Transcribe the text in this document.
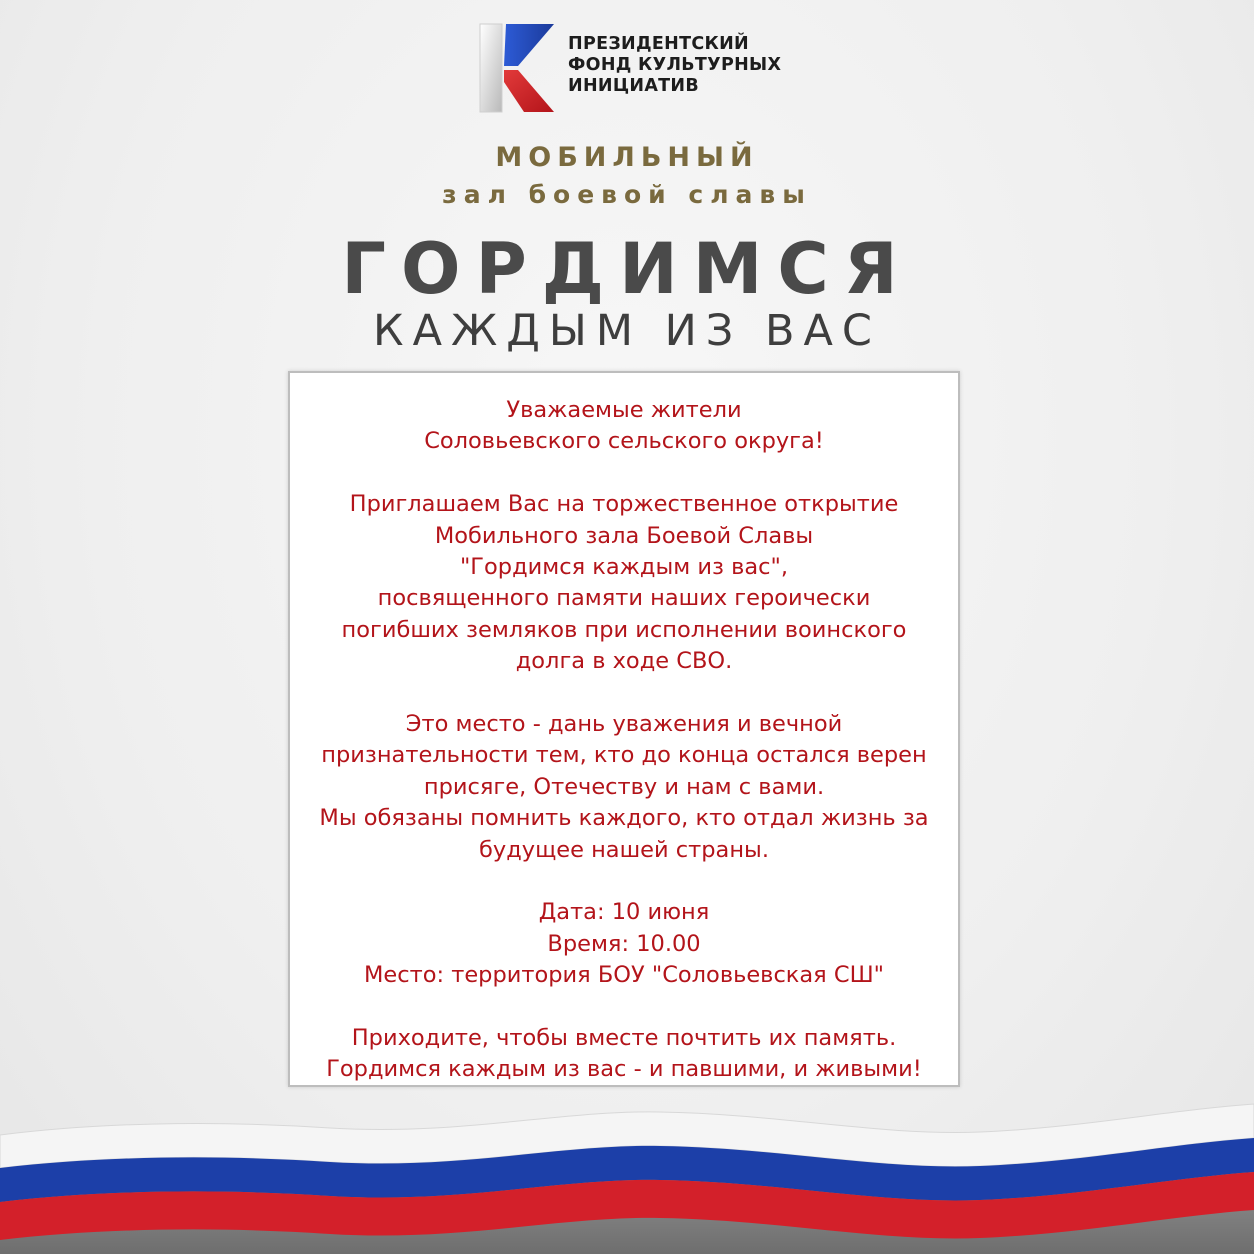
ПРЕЗИДЕНТСКИЙ
ФОНД КУЛЬТУРНЫХ
ИНИЦИАТИВ
МОБИЛЬНЫЙ
зал боевой славы
ГОРДИМСЯ
КАЖДЫМ ИЗ ВАС
Уважаемые жители
Соловьевского сельского округа!
Приглашаем Вас на торжественное открытие
Мобильного зала Боевой Славы
"Гордимся каждым из вас",
посвященного памяти наших героически
погибших земляков при исполнении воинского
долга в ходе СВО.
Это место - дань уважения и вечной
признательности тем, кто до конца остался верен
присяге, Отечеству и нам с вами.
Мы обязаны помнить каждого, кто отдал жизнь за
будущее нашей страны.
Дата: 10 июня
Время: 10.00
Место: территория БОУ "Соловьевская СШ"
Приходите, чтобы вместе почтить их память.
Гордимся каждым из вас - и павшими, и живыми!
